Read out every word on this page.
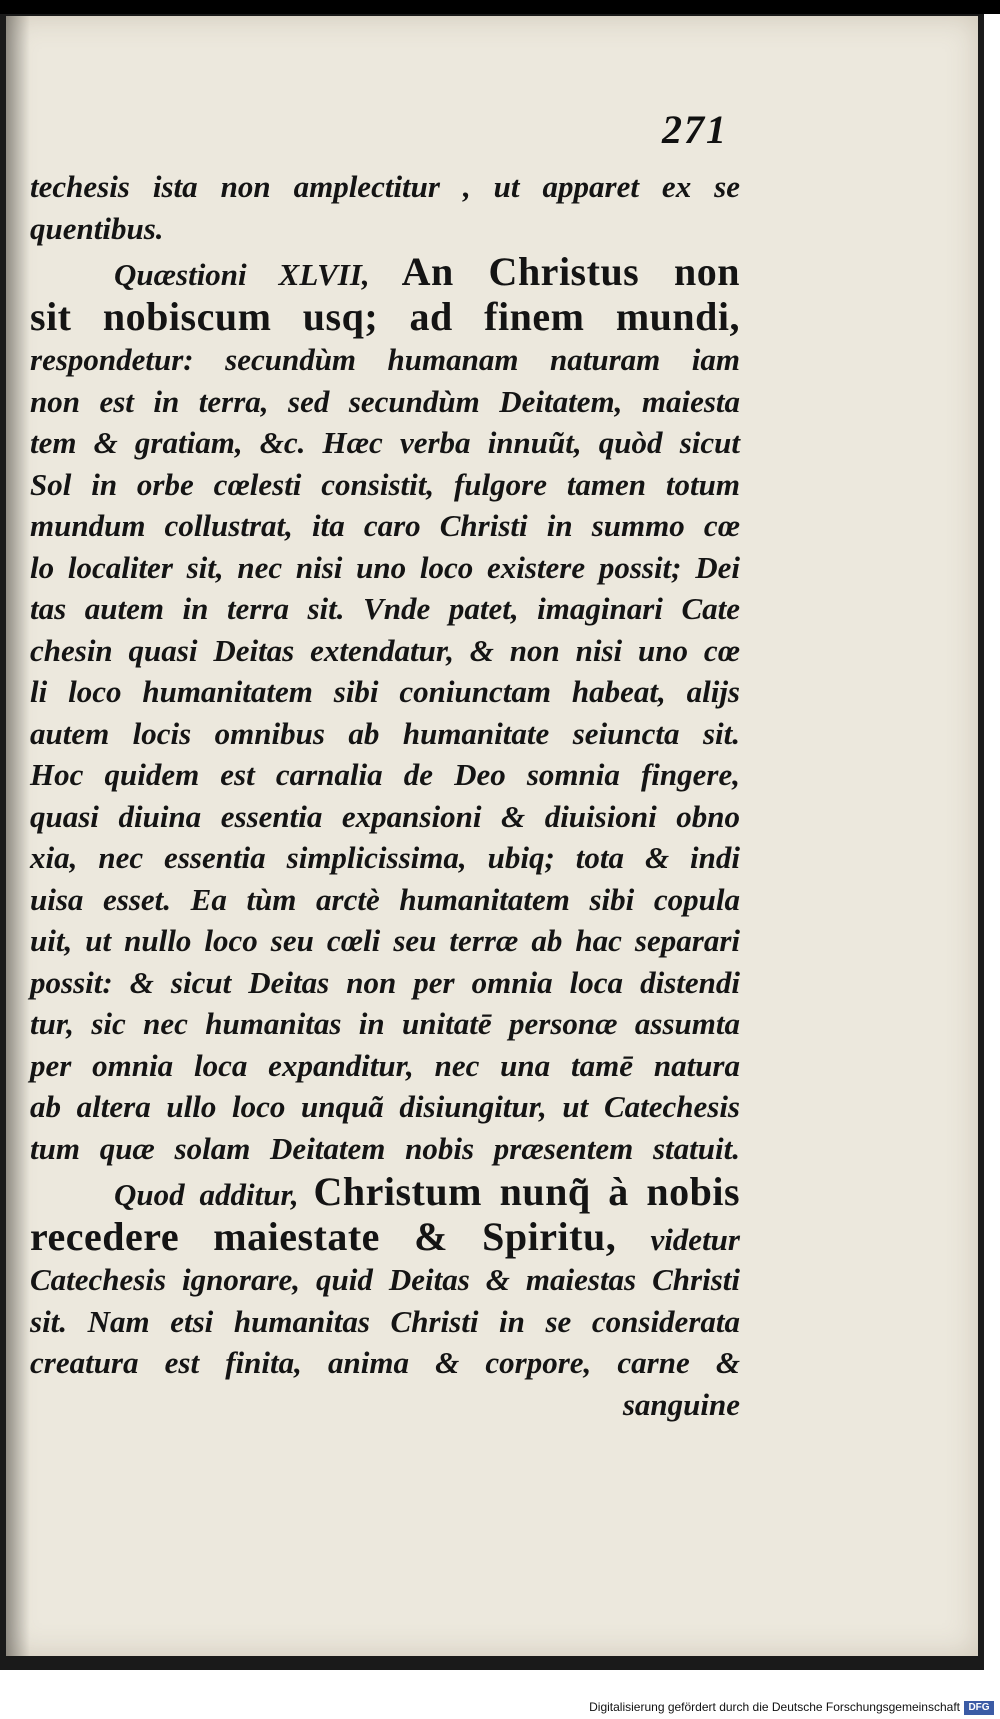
271
techesis ista non amplectitur , ut apparet ex se
quentibus.
Quæstioni XLVII, An Christus non
sit nobiscum usq; ad finem mundi,
respondetur: secundùm humanam naturam iam
non est in terra, sed secundùm Deitatem, maiesta
tem & gratiam, &c. Hæc verba innuũt, quòd sicut
Sol in orbe cœlesti consistit, fulgore tamen totum
mundum collustrat, ita caro Christi in summo cœ
lo localiter sit, nec nisi uno loco existere possit; Dei
tas autem in terra sit. Vnde patet, imaginari Cate
chesin quasi Deitas extendatur, & non nisi uno cœ
li loco humanitatem sibi coniunctam habeat, alijs
autem locis omnibus ab humanitate seiuncta sit.
Hoc quidem est carnalia de Deo somnia fingere,
quasi diuina essentia expansioni & diuisioni obno
xia, nec essentia simplicissima, ubiq; tota & indi
uisa esset. Ea tùm arctè humanitatem sibi copula
uit, ut nullo loco seu cœli seu terræ ab hac separari
possit: & sicut Deitas non per omnia loca distendi
tur, sic nec humanitas in unitatē personæ assumta
per omnia loca expanditur, nec una tamē natura
ab altera ullo loco unquã disiungitur, ut Catechesis
tum quæ solam Deitatem nobis præsentem statuit.
Quod additur, Christum nunq̃ à nobis
recedere maiestate & Spiritu, videtur
Catechesis ignorare, quid Deitas & maiestas Christi
sit. Nam etsi humanitas Christi in se considerata
creatura est finita, anima & corpore, carne &
sanguine
Digitalisierung gefördert durch die Deutsche Forschungsgemeinschaft DFG
